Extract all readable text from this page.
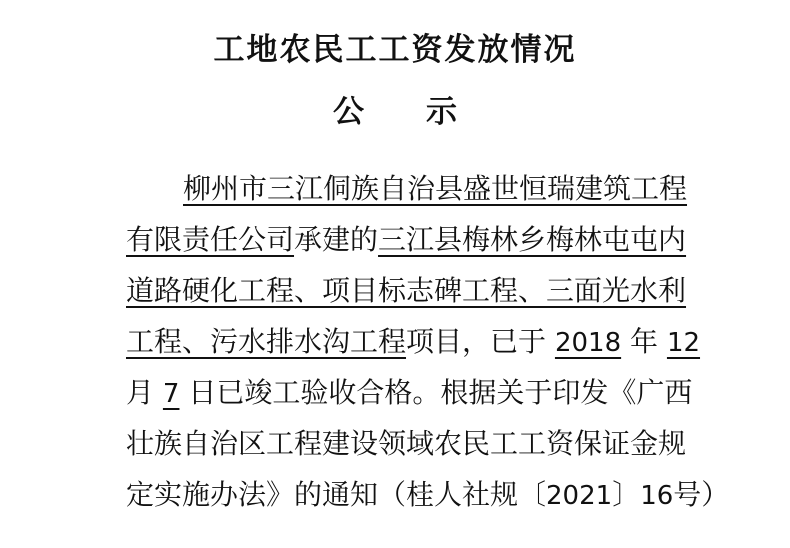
工地农民工工资发放情况
公 示
柳州市三江侗族自治县盛世恒瑞建筑工程
有限责任公司承建的三江县梅林乡梅林屯屯内
道路硬化工程、项目标志碑工程、三面光水利
工程、污水排水沟工程项目，已于 2018 年 12
月 7 日已竣工验收合格。根据关于印发《广西
壮族自治区工程建设领域农民工工资保证金规
定实施办法》的通知（桂人社规〔2021〕16号）
